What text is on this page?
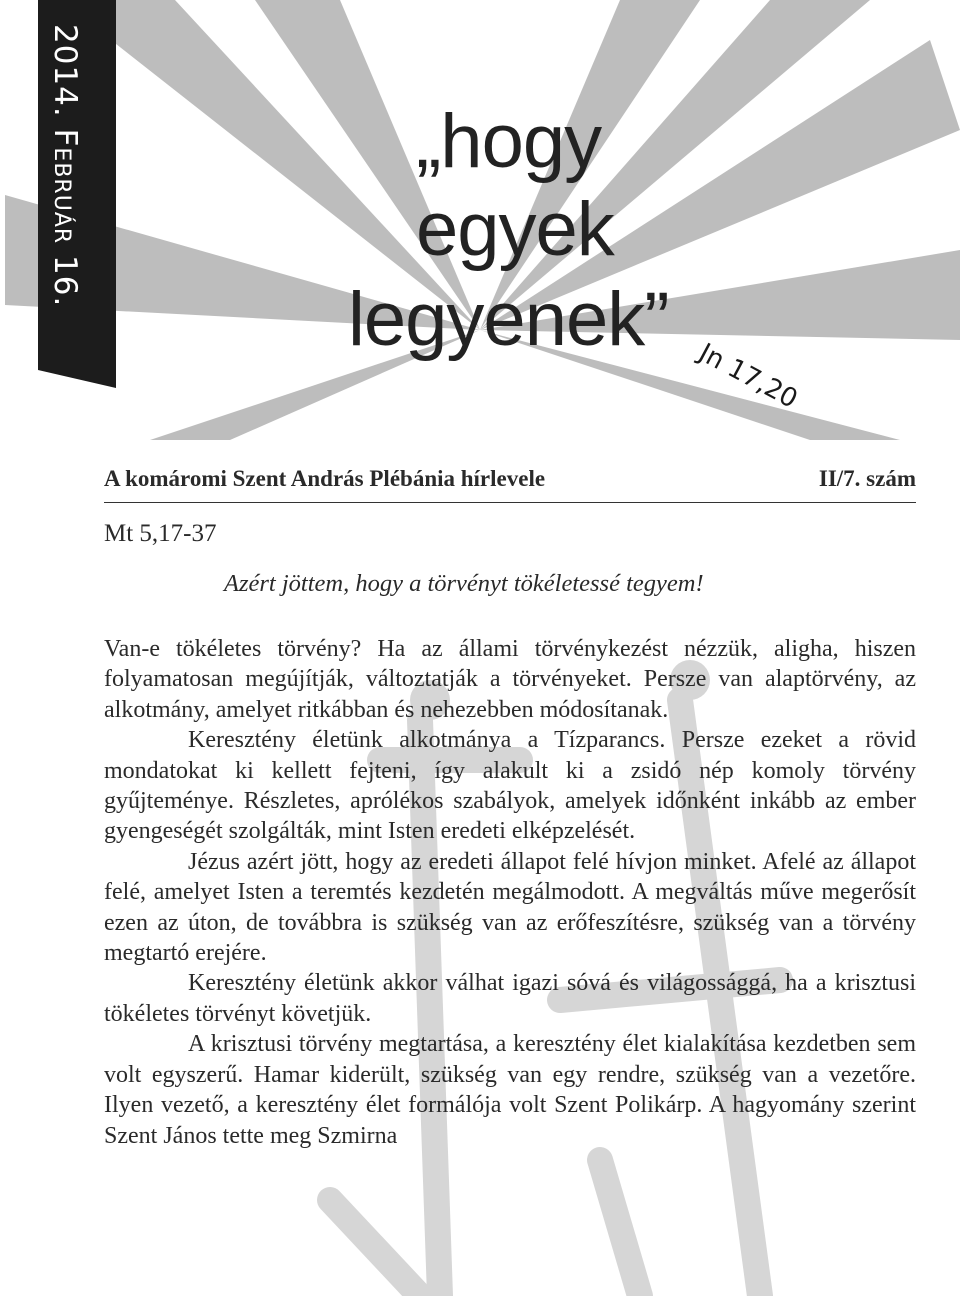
2014. Február 16.	„hogy
egyek
legyenek”
Jn 17,20
A komáromi Szent András Plébánia hírlevele	II/7. szám
Mt 5,17-37
Azért jöttem, hogy a törvényt tökéletessé tegyem!

Van-e tökéletes törvény? Ha az állami törvénykezést nézzük, aligha, hiszen folyamatosan megújítják, változtatják a törvényeket. Persze van alaptörvény, az alkotmány, amelyet ritkábban és nehezebben módosítanak.

Keresztény életünk alkotmánya a Tízparancs. Persze ezeket a rövid mondatokat ki kellett fejteni, így alakult ki a zsidó nép komoly törvény gyűjteménye. Részletes, aprólékos szabályok, amelyek időnként inkább az ember gyengeségét szolgálták, mint Isten eredeti elképzelését.

Jézus azért jött, hogy az eredeti állapot felé hívjon minket. Afelé az állapot felé, amelyet Isten a teremtés kezdetén megálmodott. A megváltás műve megerősít ezen az úton, de továbbra is szükség van az erőfeszítésre, szükség van a törvény megtartó erejére.

Keresztény életünk akkor válhat igazi sóvá és világossággá, ha a krisztusi tökéletes törvényt követjük.

A krisztusi törvény megtartása, a keresztény élet kialakítása kezdetben sem volt egyszerű. Hamar kiderült, szükség van egy rendre, szükség van a vezetőre. Ilyen vezető, a keresztény élet formálója volt Szent Polikárp. A hagyomány szerint Szent János tette meg Szmirna
